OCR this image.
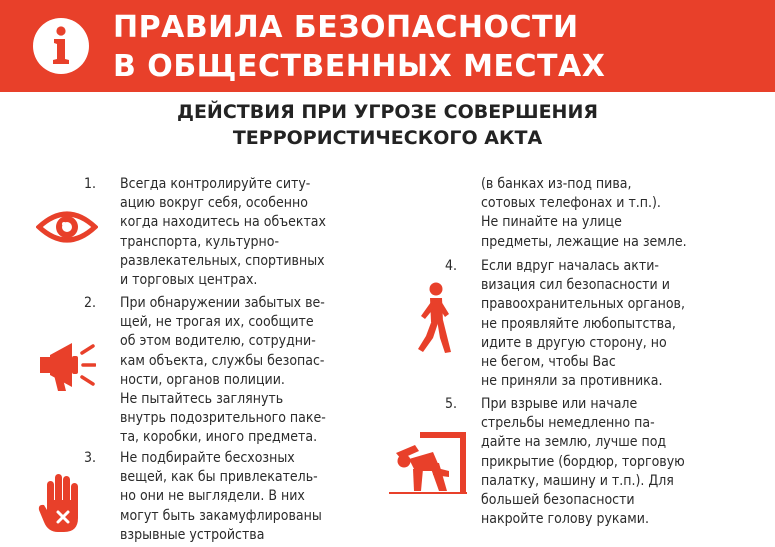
ПРАВИЛА БЕЗОПАСНОСТИ
В ОБЩЕСТВЕННЫХ МЕСТАХ
ДЕЙСТВИЯ ПРИ УГРОЗЕ СОВЕРШЕНИЯ
ТЕРРОРИСТИЧЕСКОГО АКТА
1. Всегда контролируйте ситу-
ацию вокруг себя, особенно
когда находитесь на объектах
транспорта, культурно-
развлекательных, спортивных
и торговых центрах.
2. При обнаружении забытых ве-
щей, не трогая их, сообщите
об этом водителю, сотрудни-
кам объекта, службы безопас-
ности, органов полиции.
Не пытайтесь заглянуть
внутрь подозрительного паке-
та, коробки, иного предмета.
3. Не подбирайте бесхозных
вещей, как бы привлекатель-
но они не выглядели. В них
могут быть закамуфлированы
взрывные устройства
(в банках из-под пива,
сотовых телефонах и т.п.).
Не пинайте на улице
предметы, лежащие на земле.
4. Если вдруг началась акти-
визация сил безопасности и
правоохранительных органов,
не проявляйте любопытства,
идите в другую сторону, но
не бегом, чтобы Вас
не приняли за противника.
5. При взрыве или начале
стрельбы немедленно па-
дайте на землю, лучше под
прикрытие (бордюр, торговую
палатку, машину и т.п.). Для
большей безопасности
накройте голову руками.
